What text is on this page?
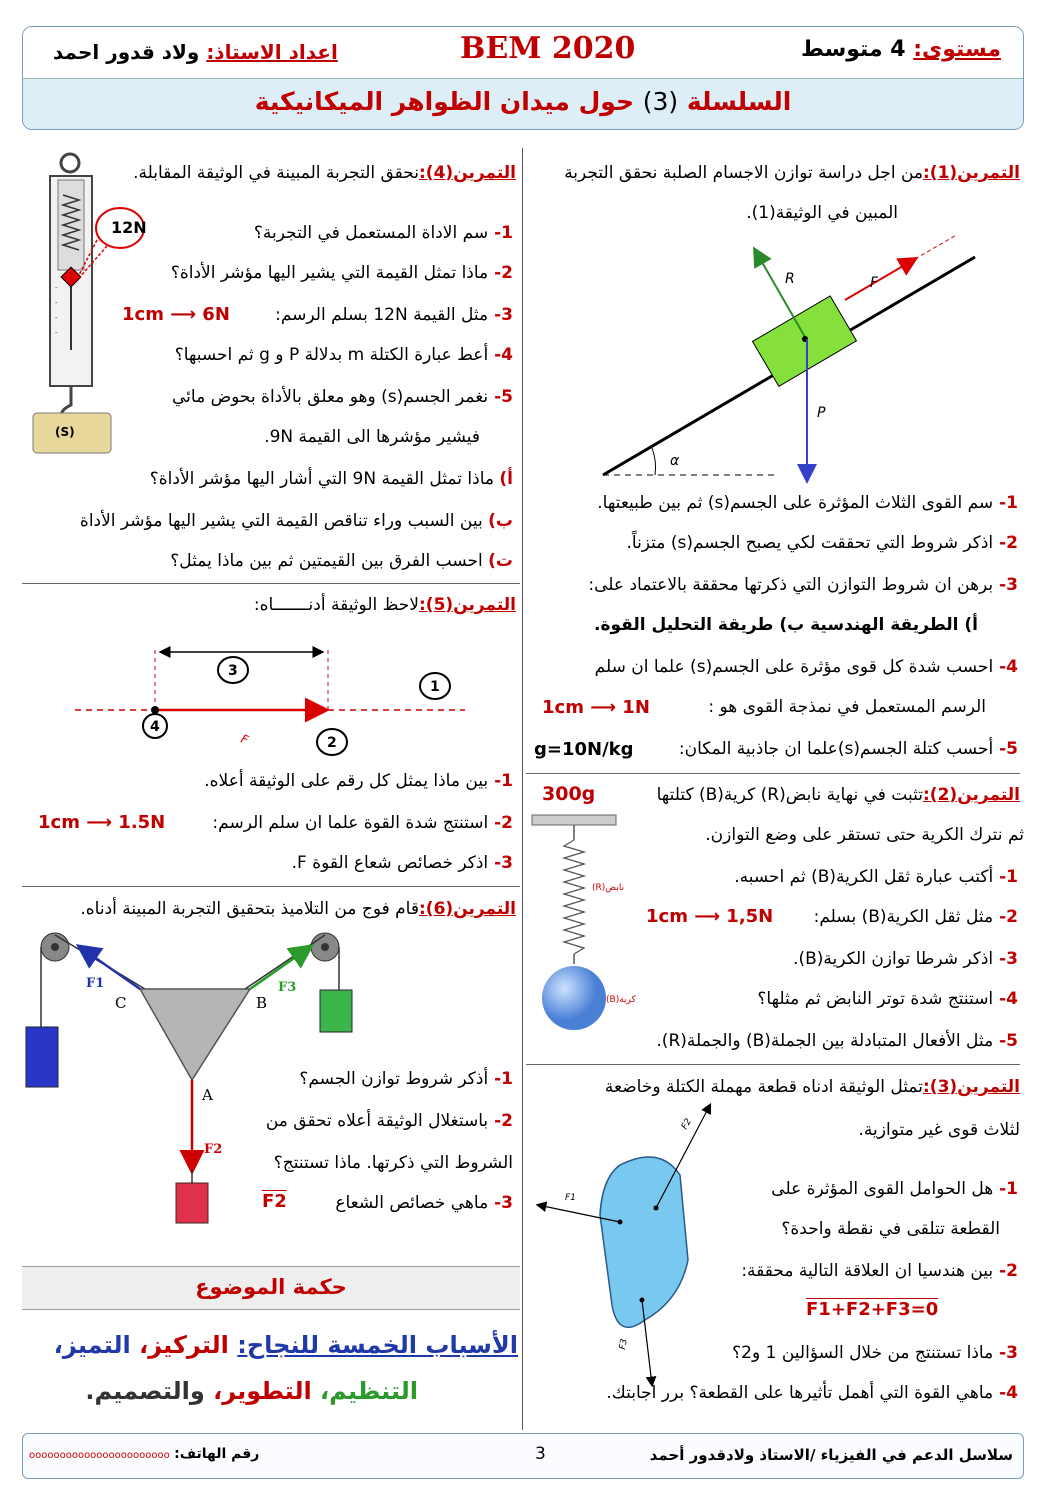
مستوى: 4 متوسط
BEM 2020
اعداد الاستاذ: ولاد قدور احمد
السلسلة (3) حول ميدان الظواهر الميكانيكية
التمرين(1):من اجل دراسة توازن الاجسام الصلبة نحقق التجربة
المبين في الوثيقة(1).
α
R	F
P
1- سم القوى الثلاث المؤثرة على الجسم(s) ثم بين طبيعتها.
2- اذكر شروط التي تحققت لكي يصبح الجسم(s) متزناً.
3- برهن ان شروط التوازن التي ذكرتها محققة بالاعتماد على:
أ) الطريقة الهندسية ب) طريقة التحليل القوة.
4- احسب شدة كل قوى مؤثرة على الجسم(s) علما ان سلم
الرسم المستعمل في نمذجة القوى هو :
1cm ⟶ 1N
5- أحسب كتلة الجسم(s)علما ان جاذبية المكان:
g=10N/kg
التمرين(2):تثبت في نهاية نابض(R) كرية(B) كتلتها
300g
ثم نترك الكرية حتى تستقر على وضع التوازن.
نابض(R)
كرية(B)
1- أكتب عبارة ثقل الكرية(B) ثم احسبه.
2- مثل ثقل الكرية(B) بسلم:
1cm ⟶ 1,5N
3- اذكر شرطا توازن الكرية(B).
4- استنتج شدة توتر النابض ثم مثلها؟
5- مثل الأفعال المتبادلة بين الجملة(B) والجملة(R).
التمرين(3):تمثل الوثيقة ادناه قطعة مهملة الكتلة وخاضعة
لثلاث قوى غير متوازية.
F2
F1
F3
1- هل الحوامل القوى المؤثرة على
القطعة تتلقى في نقطة واحدة؟
2- بين هندسيا ان العلاقة التالية محققة:
F1+F2+F3=0
3- ماذا تستنتج من خلال السؤالين 1 و2؟
4- ماهي القوة التي أهمل تأثيرها على القطعة؟ برر اجابتك.
التمرين(4):نحقق التجربة المبينة في الوثيقة المقابلة.
-
-
-
-
12N
(S)
1- سم الاداة المستعمل في التجربة؟
2- ماذا تمثل القيمة التي يشير اليها مؤشر الأداة؟
3- مثل القيمة 12N بسلم الرسم:
1cm ⟶ 6N
4- أعط عبارة الكتلة m بدلالة P و g ثم احسبها؟
5- نغمر الجسم(s) وهو معلق بالأداة بحوض مائي
فيشير مؤشرها الى القيمة 9N.
أ) ماذا تمثل القيمة 9N التي أشار اليها مؤشر الأداة؟
ب) بين السبب وراء تناقص القيمة التي يشير اليها مؤشر الأداة
ت) احسب الفرق بين القيمتين ثم بين ماذا يمثل؟
التمرين(5):لاحظ الوثيقة أدنـــــــاه:
F
3
1
2
4
1- بين ماذا يمثل كل رقم على الوثيقة أعلاه.
2- استنتج شدة القوة علما ان سلم الرسم:
1cm ⟶ 1.5N
3- اذكر خصائص شعاع القوة F.
التمرين(6):قام فوج من التلاميذ بتحقيق التجربة المبينة أدناه.
C	B
A
F1	F3
F2
1- أذكر شروط توازن الجسم؟
2- باستغلال الوثيقة أعلاه تحقق من
الشروط التي ذكرتها. ماذا تستنتج؟
3- ماهي خصائص الشعاع
F2
حكمة الموضوع
الأسباب الخمسة للنجاح: التركيز، التميز،
التنظيم، التطوير، والتصميم.
سلاسل الدعم في الفيزياء /الاستاذ ولادقدور أحمد
3
رقم الهاتف: ooooooooooooooooooooooo
